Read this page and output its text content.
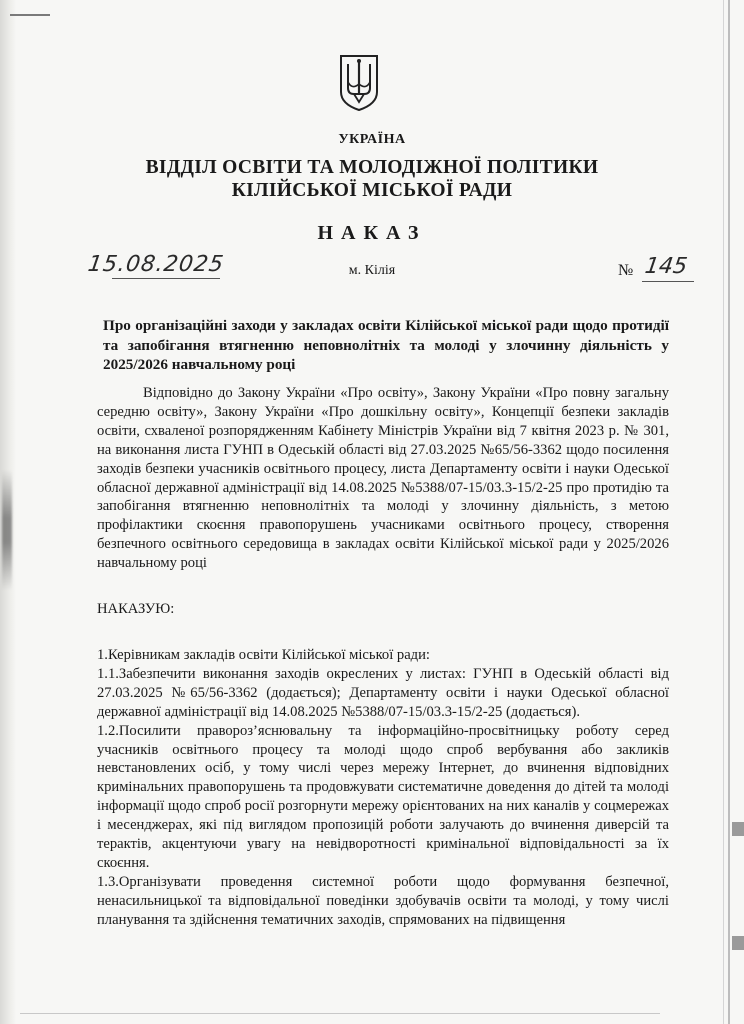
УКРАЇНА

ВІДДІЛ ОСВІТИ ТА МОЛОДІЖНОЇ ПОЛІТИКИ

КІЛІЙСЬКОЇ МІСЬКОЇ РАДИ

НАКАЗ

15.08.2025	м. Кілія	№ 145

Про організаційні заходи у закладах освіти Кілійської міської ради щодо протидії та запобігання втягненню неповнолітніх та молоді у злочинну діяльність у 2025/2026 навчальному році

Відповідно до Закону України «Про освіту», Закону України «Про повну загальну середню освіту», Закону України «Про дошкільну освіту», Концепції безпеки закладів освіти, схваленої розпорядженням Кабінету Міністрів України від 7 квітня 2023 р. № 301, на виконання листа ГУНП в Одеській області від 27.03.2025 №65/56-3362 щодо посилення заходів безпеки учасників освітнього процесу, листа Департаменту освіти і науки Одеської обласної державної адміністрації від 14.08.2025 №5388/07-15/03.3-15/2-25 про протидію та запобігання втягненню неповнолітніх та молоді у злочинну діяльність, з метою профілактики скоєння правопорушень учасниками освітнього процесу, створення безпечного освітнього середовища в закладах освіти Кілійської міської ради у 2025/2026 навчальному році

НАКАЗУЮ:

1.Керівникам закладів освіти Кілійської міської ради:

1.1.Забезпечити виконання заходів окреслених у листах: ГУНП в Одеській області від 27.03.2025 №65/56-3362 (додається); Департаменту освіти і науки Одеської обласної державної адміністрації від 14.08.2025 №5388/07-15/03.3-15/2-25 (додається).

1.2.Посилити правороз’яснювальну та інформаційно-просвітницьку роботу серед учасників освітнього процесу та молоді щодо спроб вербування або закликів невстановлених осіб, у тому числі через мережу Інтернет, до вчинення відповідних кримінальних правопорушень та продовжувати систематичне доведення до дітей та молоді інформації щодо спроб росії розгорнути мережу орієнтованих на них каналів у соцмережах і месенджерах, які під виглядом пропозицій роботи залучають до вчинення диверсій та терактів, акцентуючи увагу на невідворотності кримінальної відповідальності за їх скоєння.

1.3.Організувати проведення системної роботи щодо формування безпечної, ненасильницької та відповідальної поведінки здобувачів освіти та молоді, у тому числі планування та здійснення тематичних заходів, спрямованих на підвищення
